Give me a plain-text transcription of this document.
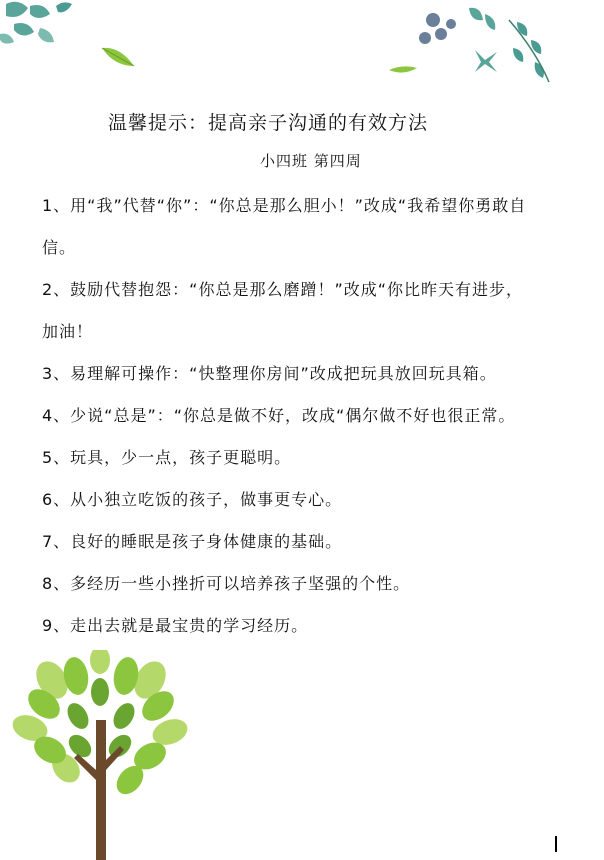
温馨提示：提高亲子沟通的有效方法
小四班 第四周

1、用“我”代替“你”：“你总是那么胆小！”改成“我希望你勇敢自信。

2、鼓励代替抱怨：“你总是那么磨蹭！”改成“你比昨天有进步，加油！

3、易理解可操作：“快整理你房间”改成把玩具放回玩具箱。

4、少说“总是”：“你总是做不好，改成“偶尔做不好也很正常。

5、玩具，少一点，孩子更聪明。

6、从小独立吃饭的孩子，做事更专心。

7、良好的睡眠是孩子身体健康的基础。

8、多经历一些小挫折可以培养孩子坚强的个性。

9、走出去就是最宝贵的学习经历。
